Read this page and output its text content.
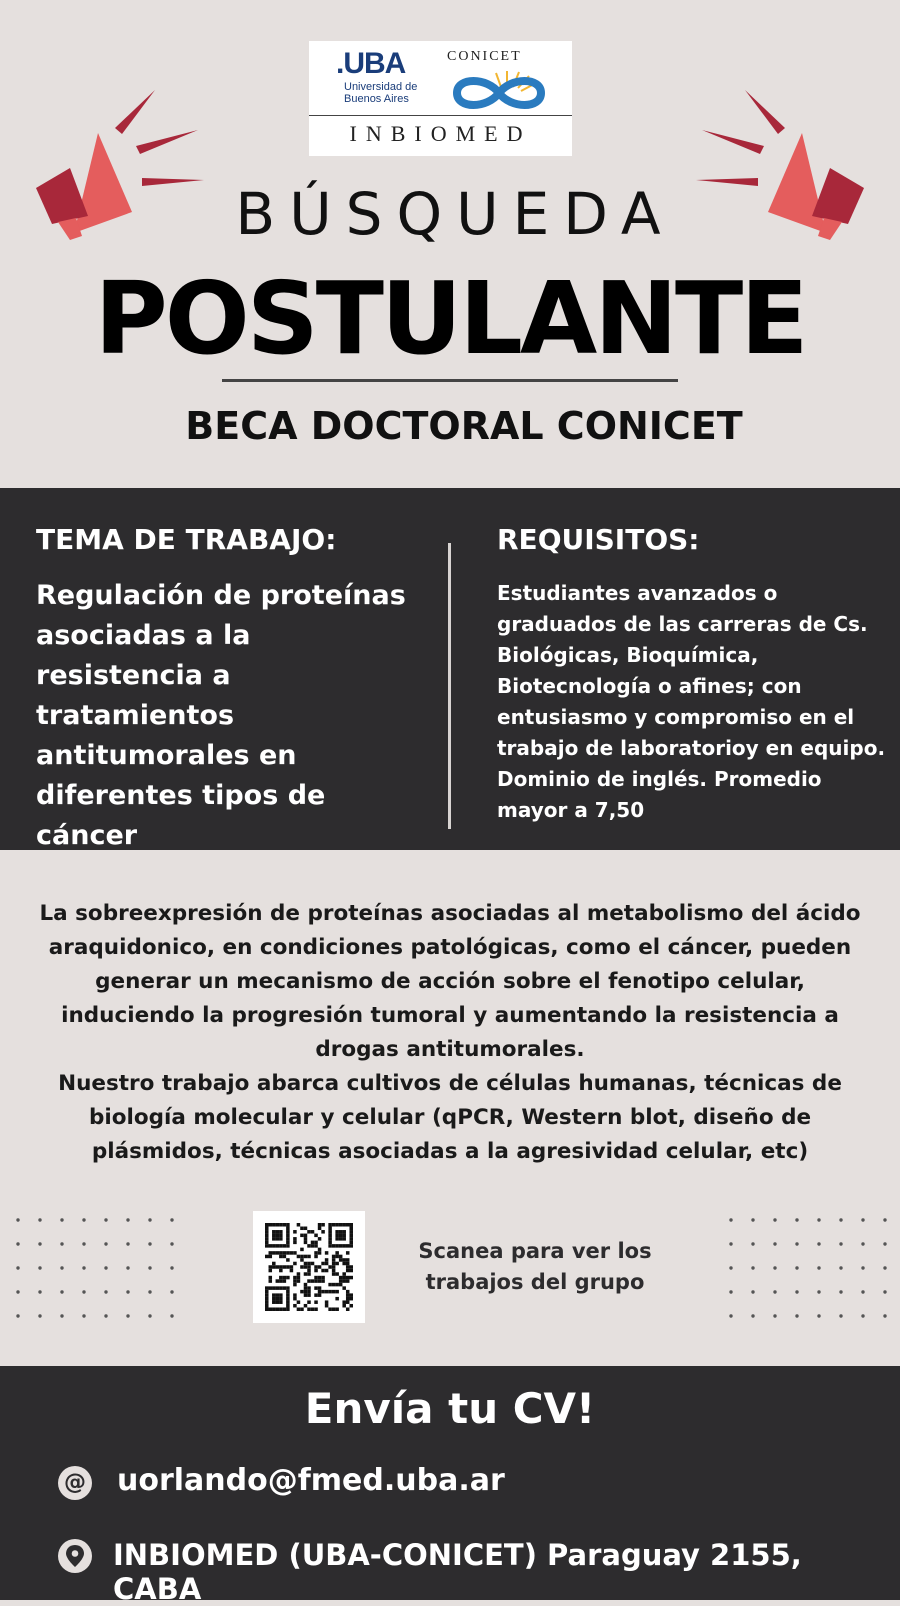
.UBA
Universidad de Buenos Aires
CONICET
INBIOMED
BÚSQUEDA
POSTULANTE
BECA DOCTORAL CONICET
TEMA DE TRABAJO:
Regulación de proteínas asociadas a la resistencia a tratamientos antitumorales en diferentes tipos de cáncer
REQUISITOS:
Estudiantes avanzados o graduados de las carreras de Cs. Biológicas, Bioquímica, Biotecnología o afines; con entusiasmo y compromiso en el trabajo de laboratorioy en equipo. Dominio de inglés. Promedio mayor a 7,50
La sobreexpresión de proteínas asociadas al metabolismo del ácido araquidonico, en condiciones patológicas, como el cáncer, pueden generar un mecanismo de acción sobre el fenotipo celular, induciendo la progresión tumoral y aumentando la resistencia a drogas antitumorales.
Nuestro trabajo abarca cultivos de células humanas, técnicas de biología molecular y celular (qPCR, Western blot, diseño de plásmidos, técnicas asociadas a la agresividad celular, etc)
Scanea para ver los trabajos del grupo
Envía tu CV!
@ uorlando@fmed.uba.ar
INBIOMED (UBA-CONICET) Paraguay 2155, CABA
